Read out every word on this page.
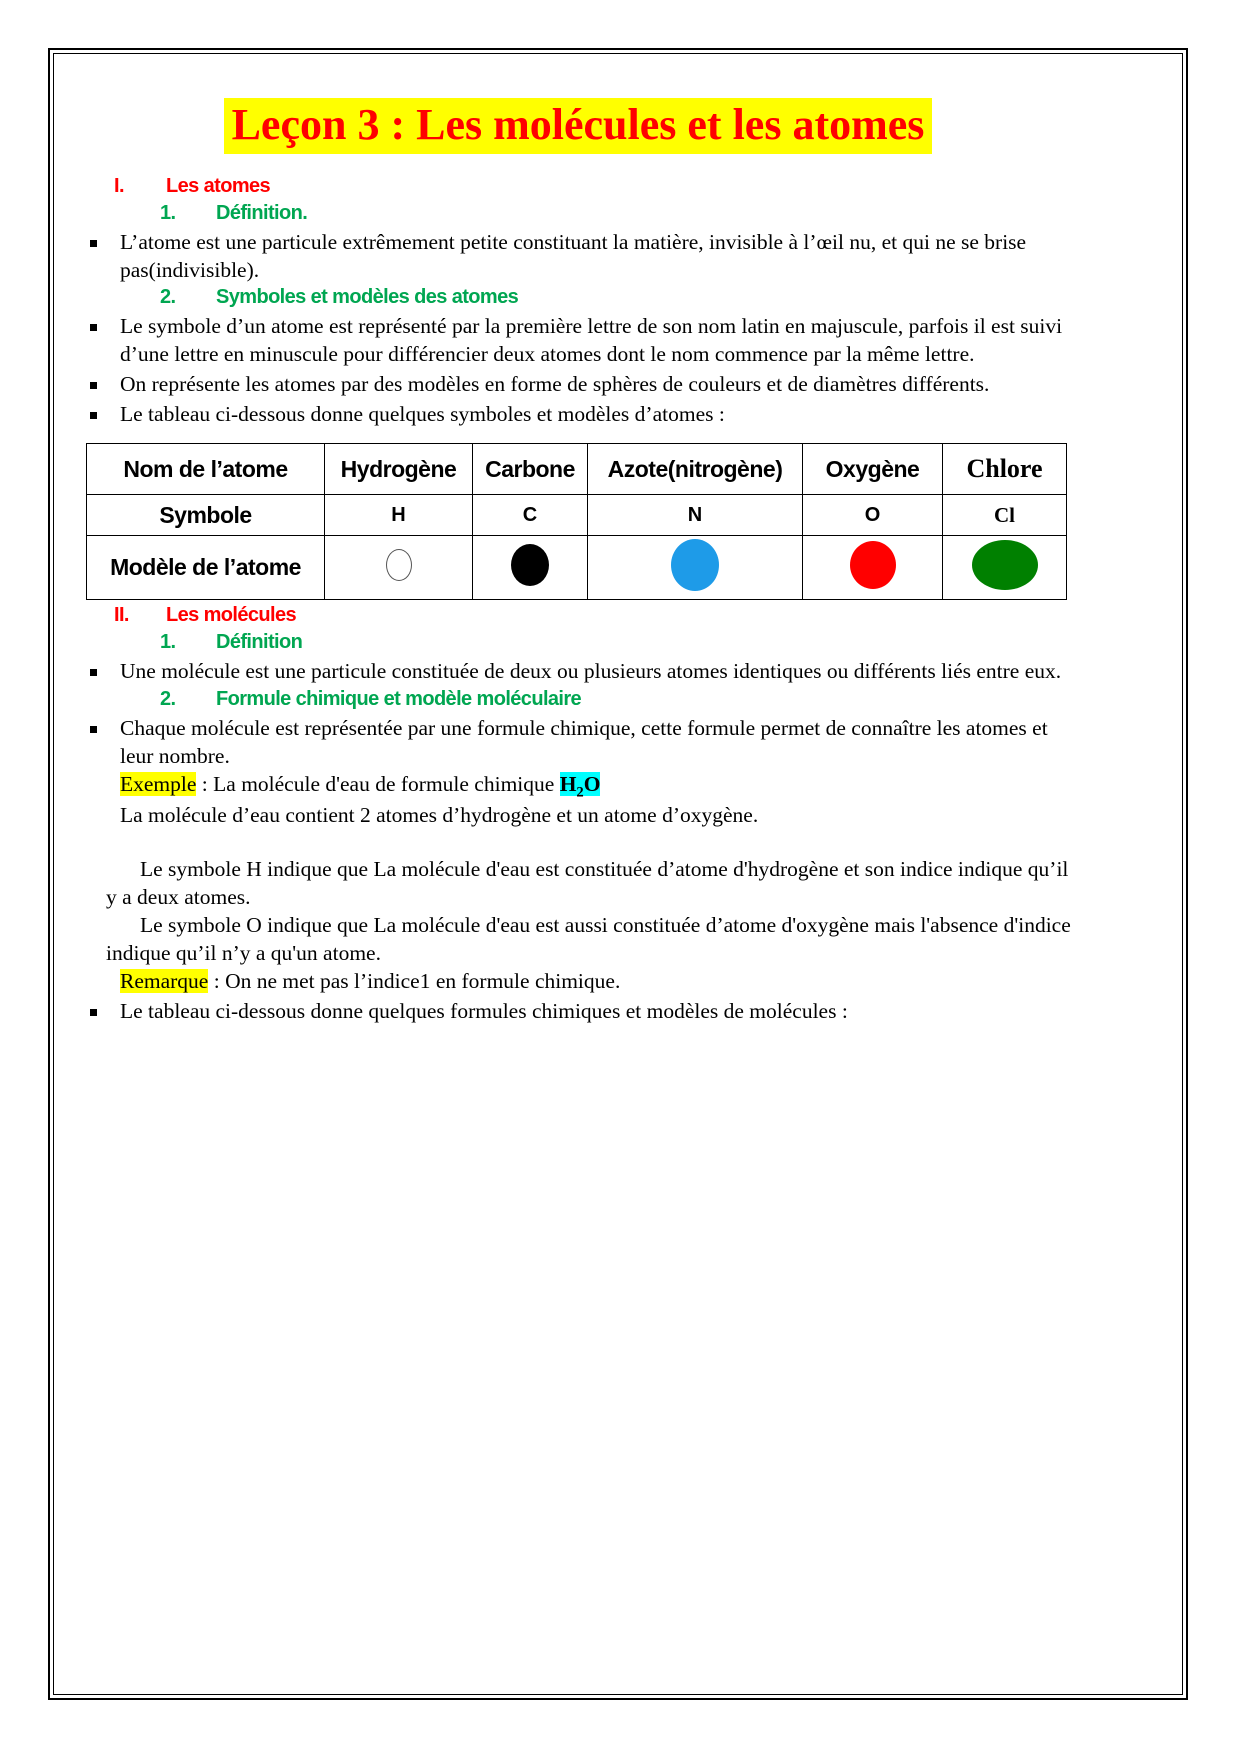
Leçon 3 : Les molécules et les atomes
I. Les atomes
1. Définition.

L’atome est une particule extrêmement petite constituant la matière, invisible à l’œil nu, et qui ne se brise pas(indivisible).

2. Symboles et modèles des atomes

Le symbole d’un atome est représenté par la première lettre de son nom latin en majuscule, parfois il est suivi d’une lettre en minuscule pour différencier deux atomes dont le nom commence par la même lettre.

On représente les atomes par des modèles en forme de sphères de couleurs et de diamètres différents.

Le tableau ci-dessous donne quelques symboles et modèles d’atomes :

Nom de l’atome	Hydrogène	Carbone	Azote(nitrogène)	Oxygène	Chlore
Symbole	H	C	N	O	Cl
Modèle de l’atome					
II. Les molécules
1. Définition

Une molécule est une particule constituée de deux ou plusieurs atomes identiques ou différents liés entre eux.

2. Formule chimique et modèle moléculaire

Chaque molécule est représentée par une formule chimique, cette formule permet de connaître les atomes et leur nombre.

Exemple : La molécule d'eau de formule chimique $H_2O$

La molécule d’eau contient 2 atomes d’hydrogène et un atome d’oxygène.

Le symbole H indique que La molécule d'eau est constituée d’atome d'hydrogène et son indice indique qu’il y a deux atomes.

Le symbole O indique que La molécule d'eau est aussi constituée d’atome d'oxygène mais l'absence d'indice indique qu’il n’y a qu'un atome.

Remarque : On ne met pas l’indice1 en formule chimique.

Le tableau ci-dessous donne quelques formules chimiques et modèles de molécules :
